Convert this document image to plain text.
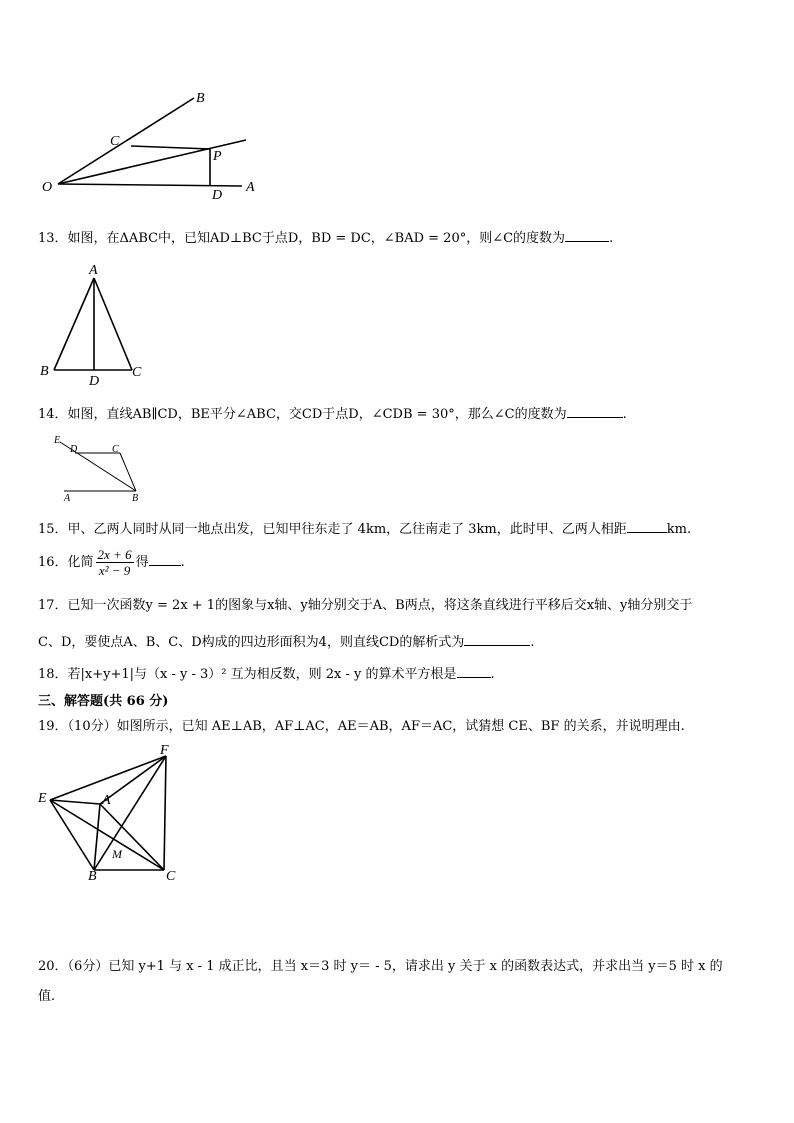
B
C
P
O
D
A
13．如图，在ΔABC中，已知AD⊥BC于点D，BD = DC，∠BAD = 20°，则∠C的度数为	.
A
B
D
C
14．如图，直线AB∥CD，BE平分∠ABC，交CD于点D，∠CDB = 30°，那么∠C的度数为	.
E
D	C
A	B
15．甲、乙两人同时从同一地点出发，已知甲往东走了 4km，乙往南走了 3km，此时甲、乙两人相距	km.
16．化简 $\frac{2x + 6}{\text{x² − 9}}$ 得 .
17．已知一次函数y = 2x + 1的图象与x轴、y轴分别交于A、B两点，将这条直线进行平移后交x轴、y轴分别交于
C、D，要使点A、B、C、D构成的四边形面积为4，则直线CD的解析式为	.
18．若|x+y+1|与（x - y - 3）² 互为相反数，则 2x - y 的算术平方根是	.
三、解答题(共 66 分)
19．（10分）如图所示，已知 AE⊥AB，AF⊥AC，AE＝AB，AF＝AC，试猜想 CE、BF 的关系，并说明理由.
F
E	A
M
B	C
20．（6分）已知 y+1 与 x - 1 成正比，且当 x＝3 时 y＝ - 5，请求出 y 关于 x 的函数表达式，并求出当 y＝5 时 x 的
值.
